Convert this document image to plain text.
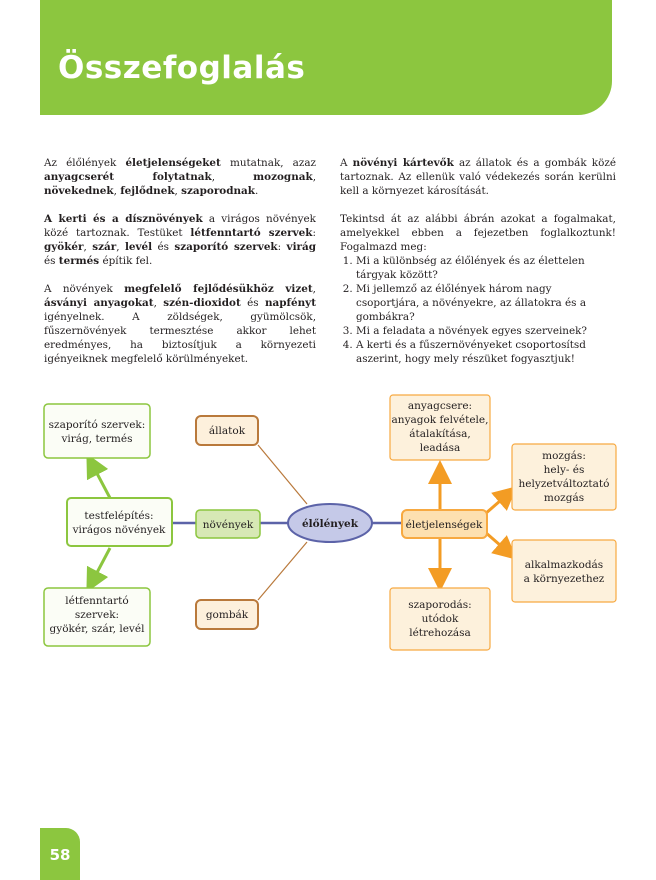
Összefoglalás

Az élőlények életjelenségeket mutatnak, azaz anyagcserét folytatnak, mozognak, növekednek, fejlődnek, szaporodnak.

A kerti és a dísznövények a virágos növények közé tartoznak. Testüket létfenntartó szervek: gyökér, szár, levél és szaporító szervek: virág és termés építik fel.

A növények megfelelő fejlődésükhöz vizet, ásványi anyagokat, szén-dioxidot és napfényt igényelnek. A zöldségek, gyümölcsök, fűszernövények termesztése akkor lehet eredményes, ha biztosítjuk a környezeti igényeiknek megfelelő körülményeket.

A növényi kártevők az állatok és a gombák közé tartoznak. Az ellenük való védekezés során kerülni kell a környezet károsítását.

Tekintsd át az alábbi ábrán azokat a fogalmakat, amelyekkel ebben a fejezetben foglalkoztunk! Fogalmazd meg:

1. Mi a különbség az élőlények és az élettelen tárgyak között?
2. Mi jellemző az élőlények három nagy csoportjára, a növényekre, az állatokra és a gombákra?
3. Mi a feladata a növények egyes szerveinek?
4. A kerti és a fűszernövényeket csoportosítsd aszerint, hogy mely részüket fogyasztjuk!
szaporító szervek:
virág, termés
testfelépítés:
virágos növények
létfenntartó
szervek:
gyökér, szár, levél
növények
állatok
gombák
élőlények	életjelenségek
anyagcsere:
anyagok felvétele,
átalakítása,
leadása
mozgás:
hely- és
helyzetváltoztató
mozgás
alkalmazkodás
a környezethez
szaporodás:
utódok
létrehozása
58
